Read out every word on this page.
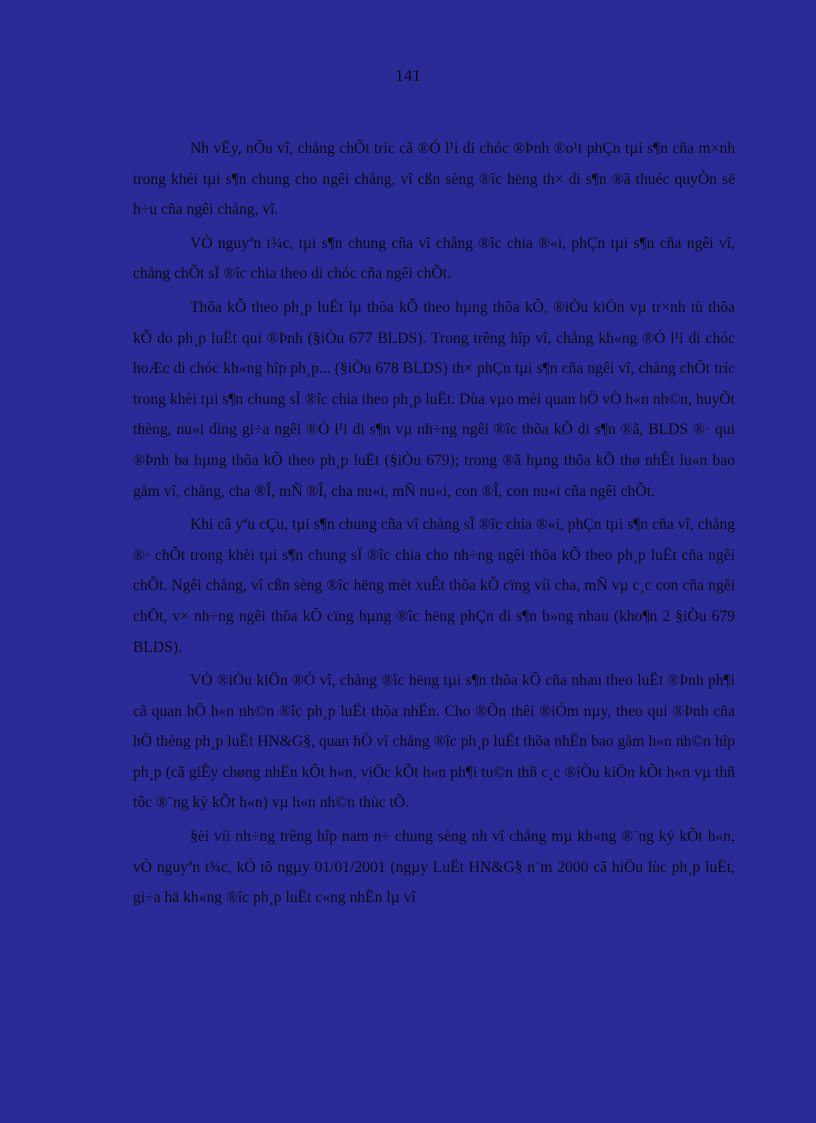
141

Nh vËy, nÕu vî, chång chÕt tríc cã ®Ó l¹i di chóc ®Þnh ®o¹t phÇn tµi s¶n cña m×nh trong khèi tµi s¶n chung cho ngêi chång, vî cßn sèng ®îc hëng th× di s¶n ®ã thuéc quyÒn së h÷u cña ngêi chång, vî.

VÒ nguyªn t¾c, tµi s¶n chung cña vî chång ®îc chia ®«i, phÇn tµi s¶n cña ngêi vî, chång chÕt sÏ ®îc chia theo di chóc cña ngêi chÕt.

Thõa kÕ theo ph¸p luËt lµ thõa kÕ theo hµng thõa kÕ, ®iÒu kiÖn vµ tr×nh tù thõa kÕ do ph¸p luËt qui ®Þnh (§iÒu 677 BLDS). Trong trêng hîp vî, chång kh«ng ®Ó l¹i di chóc hoÆc di chóc kh«ng hîp ph¸p... (§iÒu 678 BLDS) th× phÇn tµi s¶n cña ngêi vî, chång chÕt tríc trong khèi tµi s¶n chung sÏ ®îc chia theo ph¸p luËt. Dùa vµo mèi quan hÖ vÒ h«n nh©n, huyÕt thèng, nu«i dìng gi÷a ngêi ®Ó l¹i di s¶n vµ nh÷ng ngêi ®îc thõa kÕ di s¶n ®ã, BLDS ®· qui ®Þnh ba hµng thõa kÕ theo ph¸p luËt (§iÒu 679); trong ®ã hµng thõa kÕ thø nhÊt lu«n bao gåm vî, chång, cha ®Î, mÑ ®Î, cha nu«i, mÑ nu«i, con ®Î, con nu«i cña ngêi chÕt.

Khi cã yªu cÇu, tµi s¶n chung cña vî chång sÏ ®îc chia ®«i, phÇn tµi s¶n cña vî, chång ®· chÕt trong khèi tµi s¶n chung sÏ ®îc chia cho nh÷ng ngêi thõa kÕ theo ph¸p luËt cña ngêi chÕt. Ngêi chång, vî cßn sèng ®îc hëng mét xuÊt thõa kÕ cïng víi cha, mÑ vµ c¸c con cña ngêi chÕt, v× nh÷ng ngêi thõa kÕ cïng hµng ®îc hëng phÇn di s¶n b»ng nhau (kho¶n 2 §iÒu 679 BLDS).

VÒ ®iÒu kiÖn ®Ó vî, chång ®îc hëng tµi s¶n thõa kÕ cña nhau theo luËt ®Þnh ph¶i cã quan hÖ h«n nh©n ®îc ph¸p luËt thõa nhËn. Cho ®Õn thêi ®iÓm nµy, theo qui ®Þnh cña hÖ thèng ph¸p luËt HN&G§, quan hÖ vî chång ®îc ph¸p luËt thõa nhËn bao gåm h«n nh©n hîp ph¸p (cã giÊy chøng nhËn kÕt h«n, viÖc kÕt h«n ph¶i tu©n thñ c¸c ®iÒu kiÖn kÕt h«n vµ thñ tôc ®¨ng ký kÕt h«n) vµ h«n nh©n thùc tÕ.

§èi víi nh÷ng trêng hîp nam n÷ chung sèng nh vî chång mµ kh«ng ®¨ng ký kÕt h«n, vÒ nguyªn t¾c, kÓ tõ ngµy 01/01/2001 (ngµy LuËt HN&G§ n¨m 2000 cã hiÖu lùc ph¸p luËt, gi÷a hä kh«ng ®îc ph¸p luËt c«ng nhËn lµ vî
